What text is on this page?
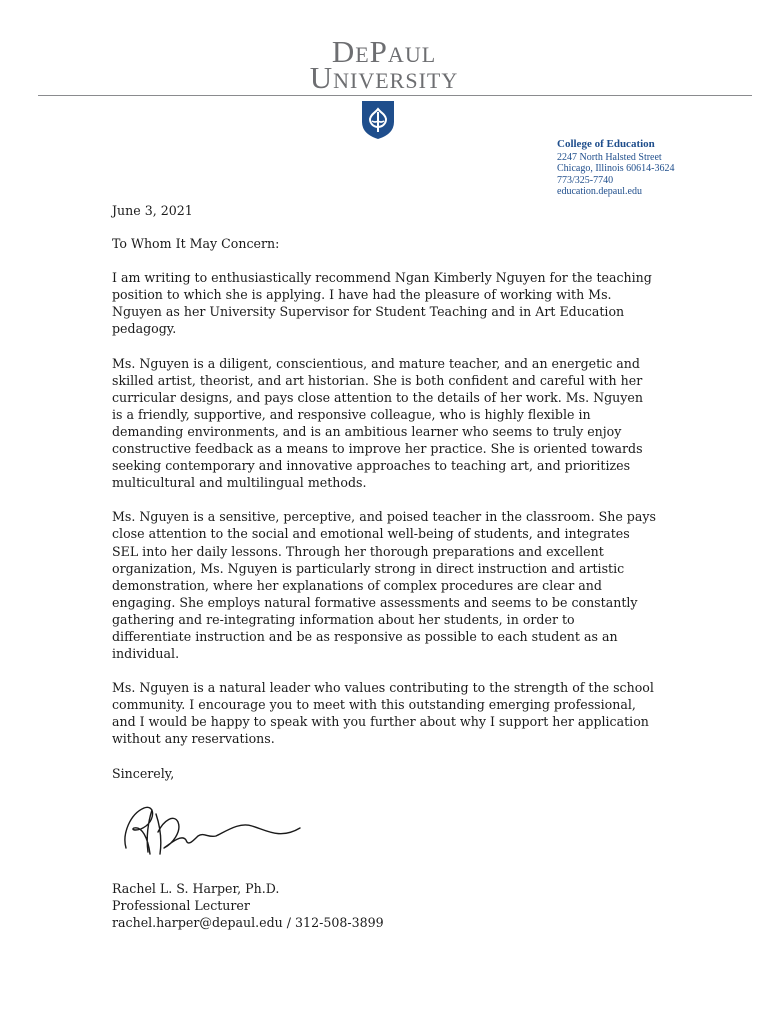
DePaul
University
College of Education
2247 North Halsted Street
Chicago, Illinois 60614-3624
773/325-7740
education.depaul.edu

June 3, 2021

To Whom It May Concern:

I am writing to enthusiastically recommend Ngan Kimberly Nguyen for the teaching position to which she is applying. I have had the pleasure of working with Ms. Nguyen as her University Supervisor for Student Teaching and in Art Education pedagogy.

Ms. Nguyen is a diligent, conscientious, and mature teacher, and an energetic and skilled artist, theorist, and art historian. She is both confident and careful with her curricular designs, and pays close attention to the details of her work. Ms. Nguyen is a friendly, supportive, and responsive colleague, who is highly flexible in demanding environments, and is an ambitious learner who seems to truly enjoy constructive feedback as a means to improve her practice. She is oriented towards seeking contemporary and innovative approaches to teaching art, and prioritizes multicultural and multilingual methods.

Ms. Nguyen is a sensitive, perceptive, and poised teacher in the classroom. She pays close attention to the social and emotional well-being of students, and integrates SEL into her daily lessons. Through her thorough preparations and excellent organization, Ms. Nguyen is particularly strong in direct instruction and artistic demonstration, where her explanations of complex procedures are clear and engaging. She employs natural formative assessments and seems to be constantly gathering and re-integrating information about her students, in order to differentiate instruction and be as responsive as possible to each student as an individual.

Ms. Nguyen is a natural leader who values contributing to the strength of the school community. I encourage you to meet with this outstanding emerging professional, and I would be happy to speak with you further about why I support her application without any reservations.

Sincerely,

Rachel L. S. Harper, Ph.D.
Professional Lecturer
rachel.harper@depaul.edu / 312-508-3899
